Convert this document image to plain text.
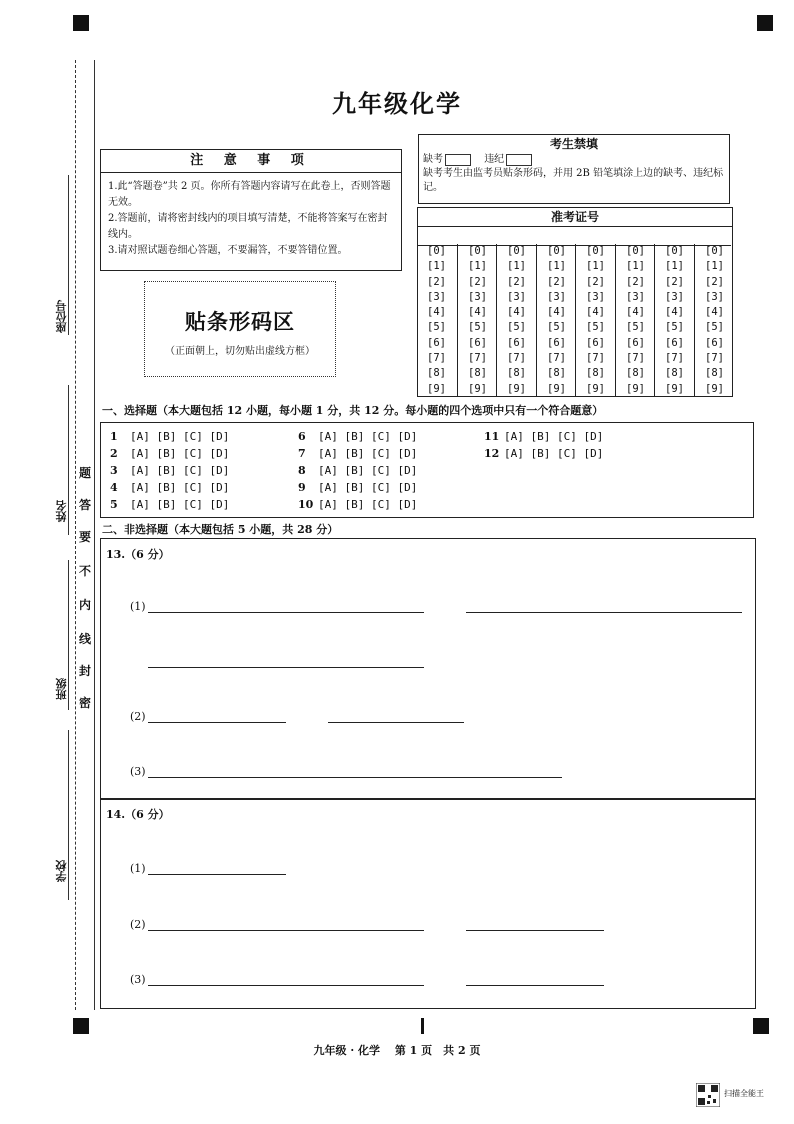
座位号
姓名
班级
学校
题
答
要
不
内
线
封
密
九年级化学
注 意 事 项
1.此“答题卷”共 2 页。你所有答题内容请写在此卷上，否则答题无效。
2.答题前，请将密封线内的项目填写清楚，不能将答案写在密封线内。
3.请对照试题卷细心答题，不要漏答，不要答错位置。
贴条形码区
（正面朝上，切勿贴出虚线方框）
考生禁填
缺考	违纪
缺考考生由监考员贴条形码，并用 2B 铅笔填涂上边的缺考、违纪标记。
准考证号
[0]
[1]
[2]
[3]
[4]
[5]
[6]
[7]
[8]
[9]
[0]
[1]
[2]
[3]
[4]
[5]
[6]
[7]
[8]
[9]
[0]
[1]
[2]
[3]
[4]
[5]
[6]
[7]
[8]
[9]
[0]
[1]
[2]
[3]
[4]
[5]
[6]
[7]
[8]
[9]
[0]
[1]
[2]
[3]
[4]
[5]
[6]
[7]
[8]
[9]
[0]
[1]
[2]
[3]
[4]
[5]
[6]
[7]
[8]
[9]
[0]
[1]
[2]
[3]
[4]
[5]
[6]
[7]
[8]
[9]
[0]
[1]
[2]
[3]
[4]
[5]
[6]
[7]
[8]
[9]
一、选择题（本大题包括 12 小题，每小题 1 分，共 12 分。每小题的四个选项中只有一个符合题意）
1 [A] [B] [C] [D]
2 [A] [B] [C] [D]
3 [A] [B] [C] [D]
4 [A] [B] [C] [D]
5 [A] [B] [C] [D]
6 [A] [B] [C] [D]
7 [A] [B] [C] [D]
8 [A] [B] [C] [D]
9 [A] [B] [C] [D]
10 [A] [B] [C] [D]
11 [A] [B] [C] [D]
12 [A] [B] [C] [D]
二、非选择题（本大题包括 5 小题，共 28 分）
13.（6 分）
(1)
(2)
(3)
14.（6 分）
(1)
(2)
(3)
九年级 · 化学　 第 1 页　共 2 页
扫描全能王
